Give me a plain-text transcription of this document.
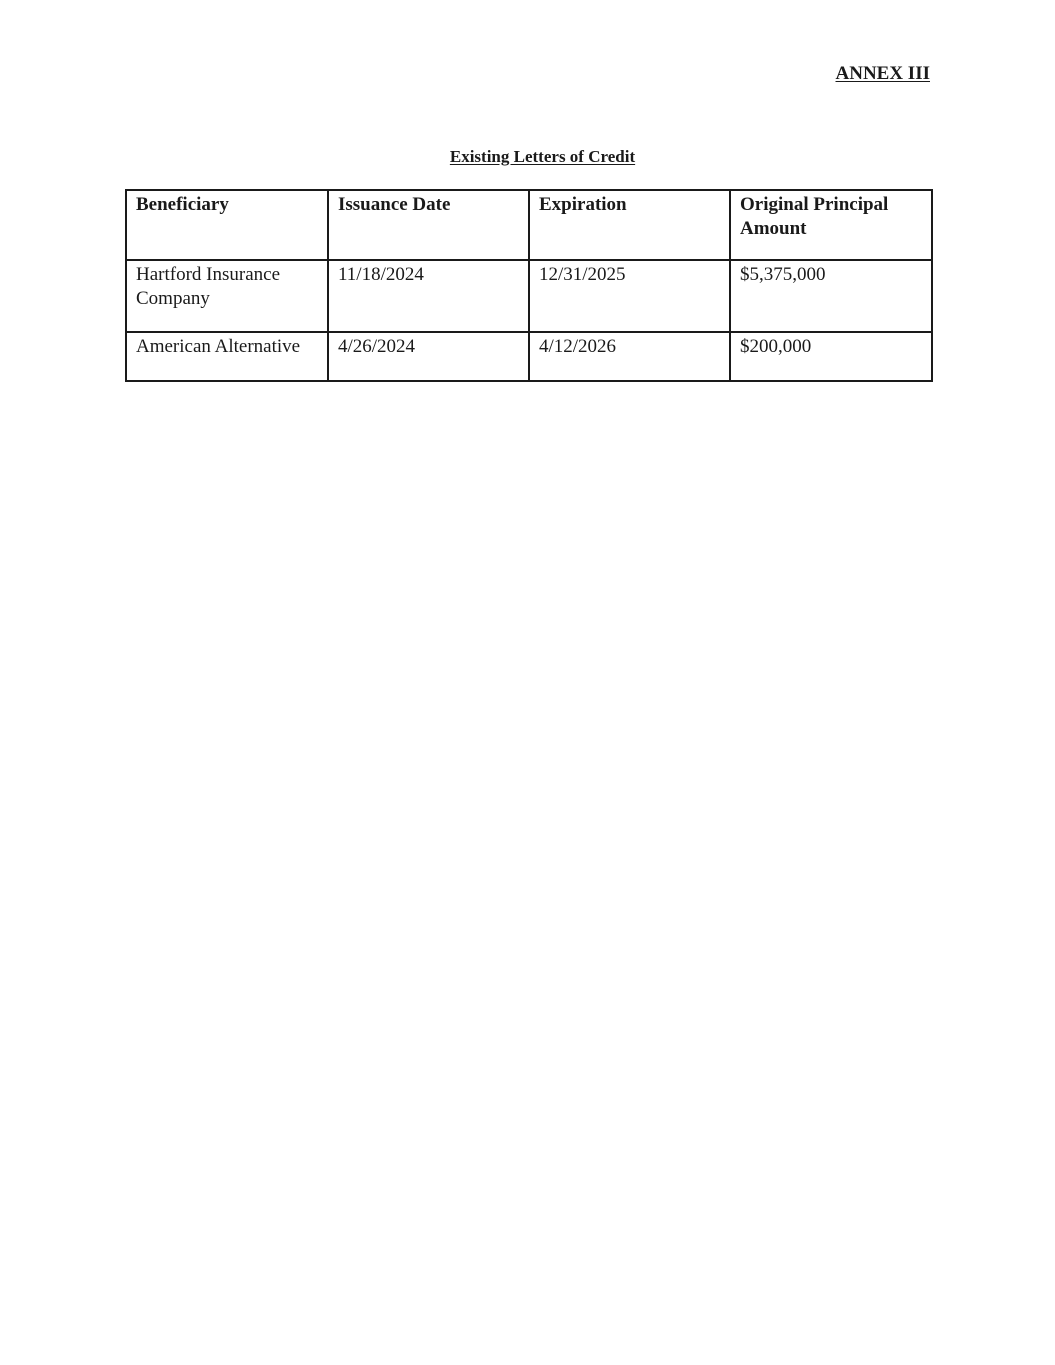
ANNEX III
Existing Letters of Credit
Beneficiary	Issuance Date	Expiration	Original Principal
Amount

Hartford Insurance Company	11/18/2024	12/31/2025	$5,375,000
American Alternative	4/26/2024	4/12/2026	$200,000
